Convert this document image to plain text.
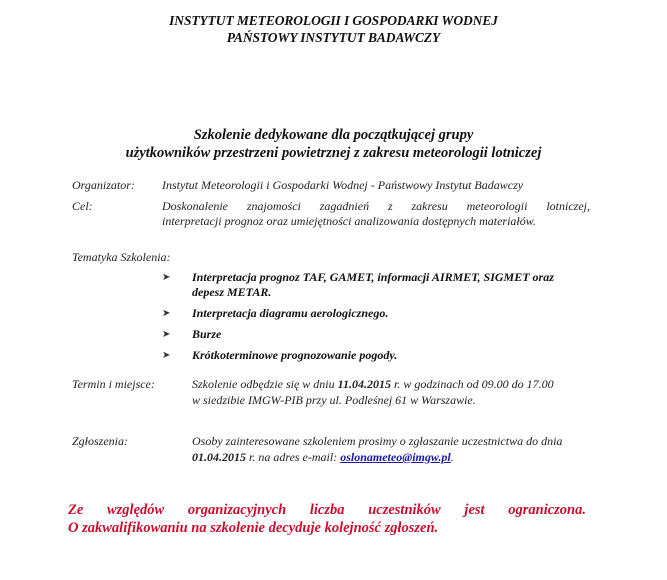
INSTYTUT METEOROLOGII I GOSPODARKI WODNEJ
PAŃSTOWY INSTYTUT BADAWCZY
Szkolenie dedykowane dla początkującej grupy
użytkowników przestrzeni powietrznej z zakresu meteorologii lotniczej
Organizator: Instytut Meteorologii i Gospodarki Wodnej - Państwowy Instytut Badawczy
Cel:	Doskonalenie znajomości zagadnień z zakresu meteorologii lotniczej,
interpretacji prognoz oraz umiejętności analizowania dostępnych materiałów.
Tematyka Szkolenia:
➤ Interpretacja prognoz TAF, GAMET, informacji AIRMET, SIGMET oraz depesz METAR.
➤ Interpretacja diagramu aerologicznego.
➤ Burze
➤ Krótkoterminowe prognozowanie pogody.
Termin i miejsce:	Szkolenie odbędzie się w dniu 11.04.2015 r. w godzinach od 09.00 do 17.00
w siedzibie IMGW-PIB przy ul. Podleśnej 61 w Warszawie.
Zgłoszenia:	Osoby zainteresowane szkoleniem prosimy o zgłaszanie uczestnictwa do dnia
01.04.2015 r. na adres e-mail: oslonameteo@imgw.pl.
Ze względów organizacyjnych liczba uczestników jest ograniczona.
O zakwalifikowaniu na szkolenie decyduje kolejność zgłoszeń.
